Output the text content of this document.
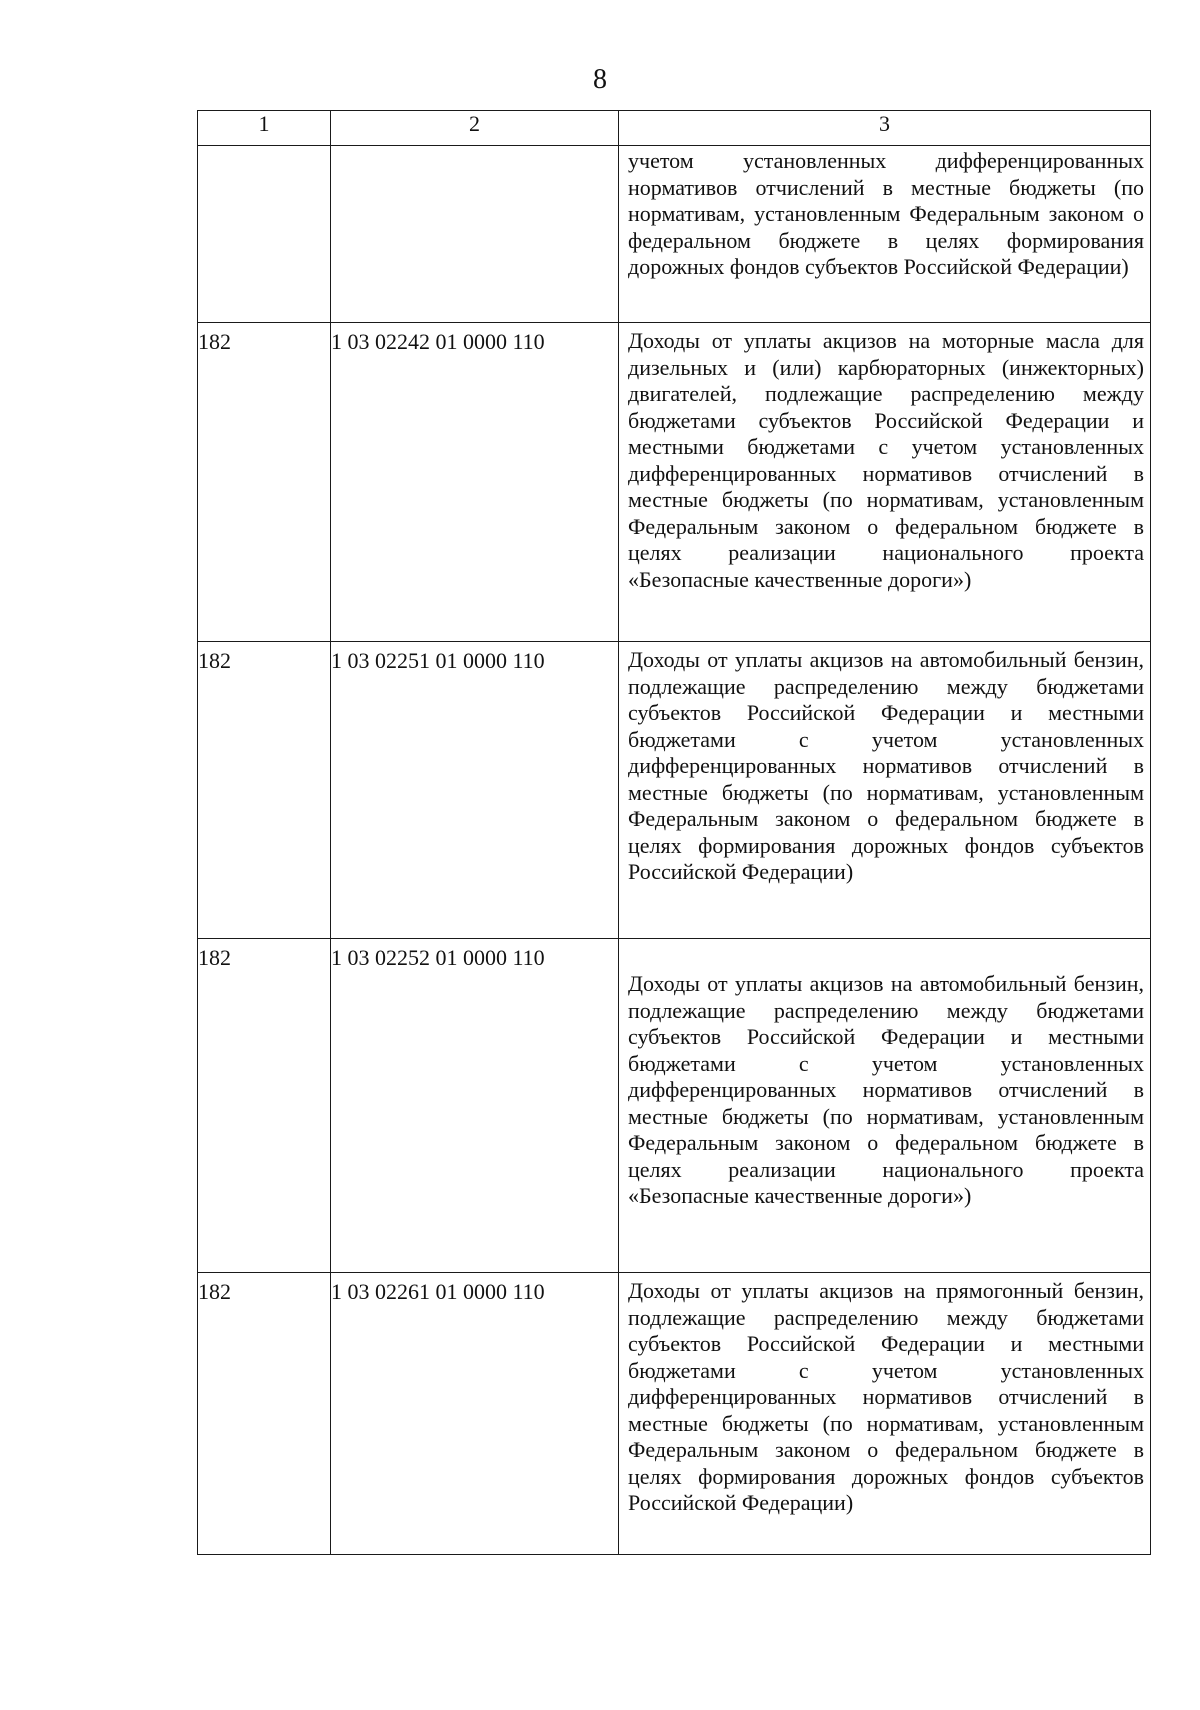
8
1	2	3

		учетом установленных дифференцированных нормативов отчислений в местные бюджеты (по нормативам, установленным Федеральным законом о федеральном бюджете в целях формирования дорожных фондов субъектов Российской Федерации)

182	1 03 02242 01 0000 110	Доходы от уплаты акцизов на моторные масла для дизельных и (или) карбюраторных (инжекторных) двигателей, подлежащие распределению между бюджетами субъектов Российской Федерации и местными бюджетами с учетом установленных дифференцированных нормативов отчислений в местные бюджеты (по нормативам, установленным Федеральным законом о федеральном бюджете в целях реализации национального проекта «Безопасные качественные дороги»)

182	1 03 02251 01 0000 110	Доходы от уплаты акцизов на автомобильный бензин, подлежащие распределению между бюджетами субъектов Российской Федерации и местными бюджетами с учетом установленных дифференцированных нормативов отчислений в местные бюджеты (по нормативам, установленным Федеральным законом о федеральном бюджете в целях формирования дорожных фондов субъектов Российской Федерации)

182	1 03 02252 01 0000 110	Доходы от уплаты акцизов на автомобильный бензин, подлежащие распределению между бюджетами субъектов Российской Федерации и местными бюджетами с учетом установленных дифференцированных нормативов отчислений в местные бюджеты (по нормативам, установленным Федеральным законом о федеральном бюджете в целях реализации национального проекта «Безопасные качественные дороги»)

182	1 03 02261 01 0000 110	Доходы от уплаты акцизов на прямогонный бензин, подлежащие распределению между бюджетами субъектов Российской Федерации и местными бюджетами с учетом установленных дифференцированных нормативов отчислений в местные бюджеты (по нормативам, установленным Федеральным законом о федеральном бюджете в целях формирования дорожных фондов субъектов Российской Федерации)
